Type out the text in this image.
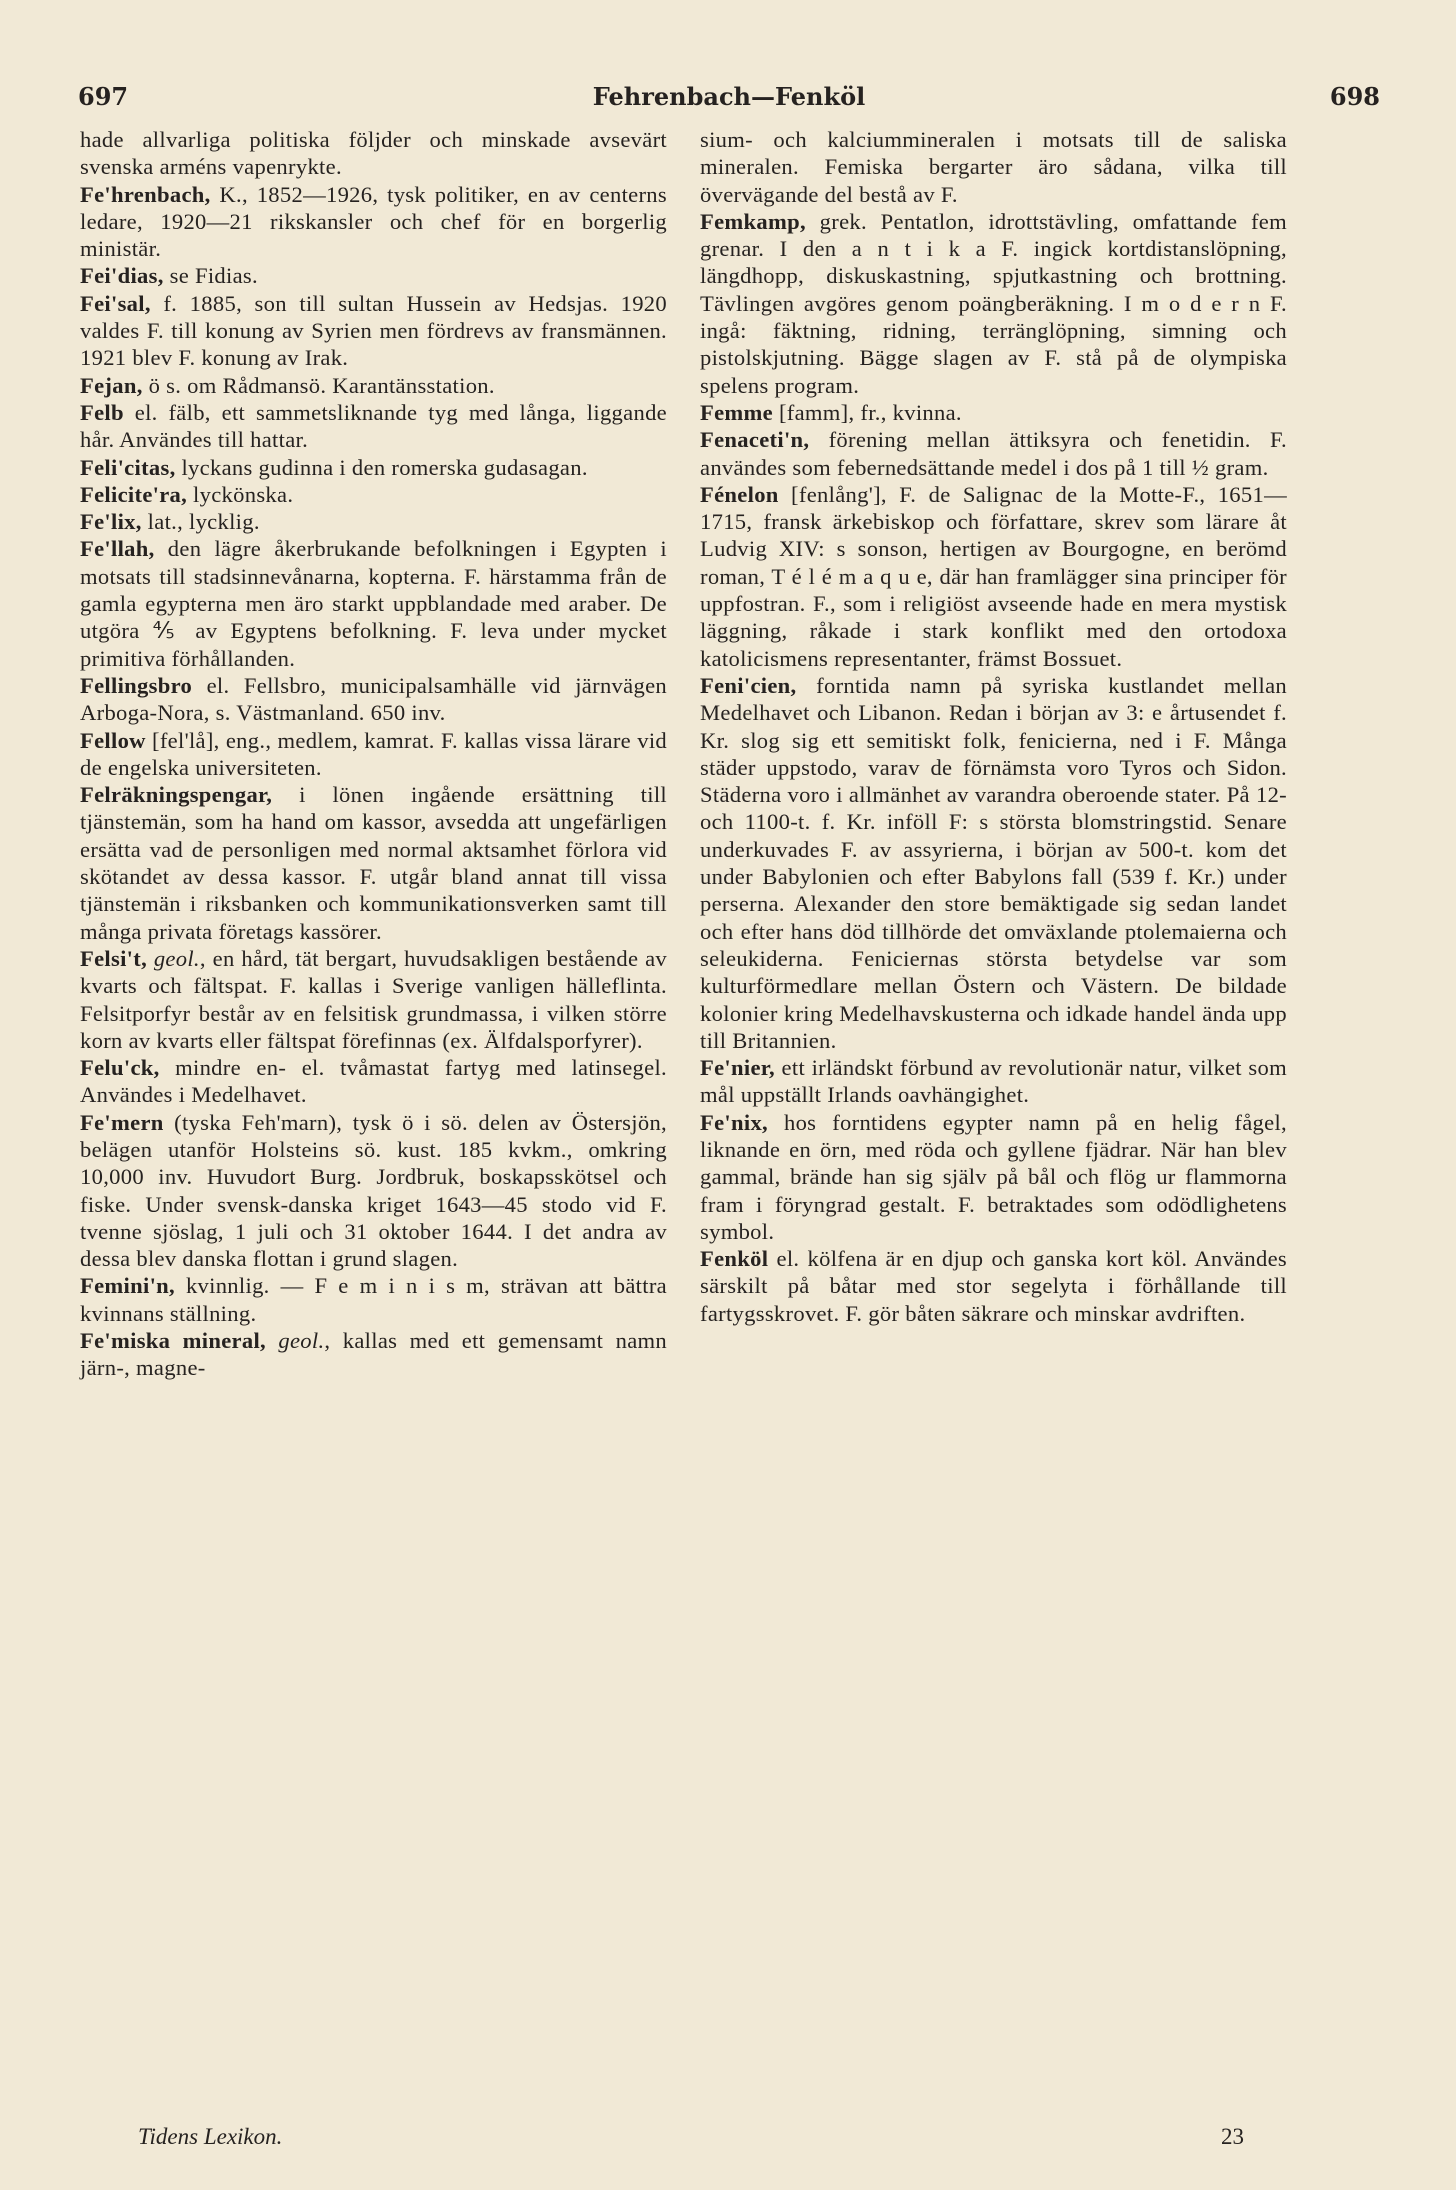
697	Fehrenbach—Fenköl	698

hade allvarliga politiska följder och minskade avsevärt svenska arméns vapenrykte.

Fe'hrenbach, K., 1852—1926, tysk politiker, en av centerns ledare, 1920—21 rikskansler och chef för en borgerlig ministär.

Fei'dias, se Fidias.

Fei'sal, f. 1885, son till sultan Hussein av Hedsjas. 1920 valdes F. till konung av Syrien men fördrevs av fransmännen. 1921 blev F. konung av Irak.

Fejan, ö s. om Rådmansö. Karantänsstation.

Felb el. fälb, ett sammetsliknande tyg med långa, liggande hår. Användes till hattar.

Feli'citas, lyckans gudinna i den romerska gudasagan.

Felicite'ra, lyckönska.

Fe'lix, lat., lycklig.

Fe'llah, den lägre åkerbrukande befolkningen i Egypten i motsats till stadsinnevånarna, kopterna. F. härstamma från de gamla egypterna men äro starkt uppblandade med araber. De utgöra ⅘ av Egyptens befolkning. F. leva under mycket primitiva förhållanden.

Fellingsbro el. Fellsbro, municipalsamhälle vid järnvägen Arboga-Nora, s. Västmanland. 650 inv.

Fellow [fel'lå], eng., medlem, kamrat. F. kallas vissa lärare vid de engelska universiteten.

Felräkningspengar, i lönen ingående ersättning till tjänstemän, som ha hand om kassor, avsedda att ungefärligen ersätta vad de personligen med normal aktsamhet förlora vid skötandet av dessa kassor. F. utgår bland annat till vissa tjänstemän i riksbanken och kommunikationsverken samt till många privata företags kassörer.

Felsi't, geol., en hård, tät bergart, huvudsakligen bestående av kvarts och fältspat. F. kallas i Sverige vanligen hälleflinta. Felsitporfyr består av en felsitisk grundmassa, i vilken större korn av kvarts eller fältspat förefinnas (ex. Älfdalsporfyrer).

Felu'ck, mindre en- el. tvåmastat fartyg med latinsegel. Användes i Medelhavet.

Fe'mern (tyska Feh'marn), tysk ö i sö. delen av Östersjön, belägen utanför Holsteins sö. kust. 185 kvkm., omkring 10,000 inv. Huvudort Burg. Jordbruk, boskapsskötsel och fiske. Under svensk-danska kriget 1643—45 stodo vid F. tvenne sjöslag, 1 juli och 31 oktober 1644. I det andra av dessa blev danska flottan i grund slagen.

Femini'n, kvinnlig. — F e m i n i s m, strävan att bättra kvinnans ställning.

Fe'miska mineral, geol., kallas med ett gemensamt namn järn-, magne-

sium- och kalciummineralen i motsats till de saliska mineralen. Femiska bergarter äro sådana, vilka till övervägande del bestå av F.

Femkamp, grek. Pentatlon, idrottstävling, omfattande fem grenar. I den a n t i k a F. ingick kortdistanslöpning, längdhopp, diskuskastning, spjutkastning och brottning. Tävlingen avgöres genom poängberäkning. I m o d e r n F. ingå: fäktning, ridning, terränglöpning, simning och pistolskjutning. Bägge slagen av F. stå på de olympiska spelens program.

Femme [famm], fr., kvinna.

Fenaceti'n, förening mellan ättiksyra och fenetidin. F. användes som febernedsättande medel i dos på 1 till ½ gram.

Fénelon [fenlång'], F. de Salignac de la Motte-F., 1651—1715, fransk ärkebiskop och författare, skrev som lärare åt Ludvig XIV: s sonson, hertigen av Bourgogne, en berömd roman, T é l é m a q u e, där han framlägger sina principer för uppfostran. F., som i religiöst avseende hade en mera mystisk läggning, råkade i stark konflikt med den ortodoxa katolicismens representanter, främst Bossuet.

Feni'cien, forntida namn på syriska kustlandet mellan Medelhavet och Libanon. Redan i början av 3: e årtusendet f. Kr. slog sig ett semitiskt folk, fenicierna, ned i F. Många städer uppstodo, varav de förnämsta voro Tyros och Sidon. Städerna voro i allmänhet av varandra oberoende stater. På 12- och 1100-t. f. Kr. inföll F: s största blomstringstid. Senare underkuvades F. av assyrierna, i början av 500-t. kom det under Babylonien och efter Babylons fall (539 f. Kr.) under perserna. Alexander den store bemäktigade sig sedan landet och efter hans död tillhörde det omväxlande ptolemaierna och seleukiderna. Feniciernas största betydelse var som kulturförmedlare mellan Östern och Västern. De bildade kolonier kring Medelhavskusterna och idkade handel ända upp till Britannien.

Fe'nier, ett irländskt förbund av revolutionär natur, vilket som mål uppställt Irlands oavhängighet.

Fe'nix, hos forntidens egypter namn på en helig fågel, liknande en örn, med röda och gyllene fjädrar. När han blev gammal, brände han sig själv på bål och flög ur flammorna fram i föryngrad gestalt. F. betraktades som odödlighetens symbol.

Fenköl el. kölfena är en djup och ganska kort köl. Användes särskilt på båtar med stor segelyta i förhållande till fartygsskrovet. F. gör båten säkrare och minskar avdriften.

Tidens Lexikon.	23
